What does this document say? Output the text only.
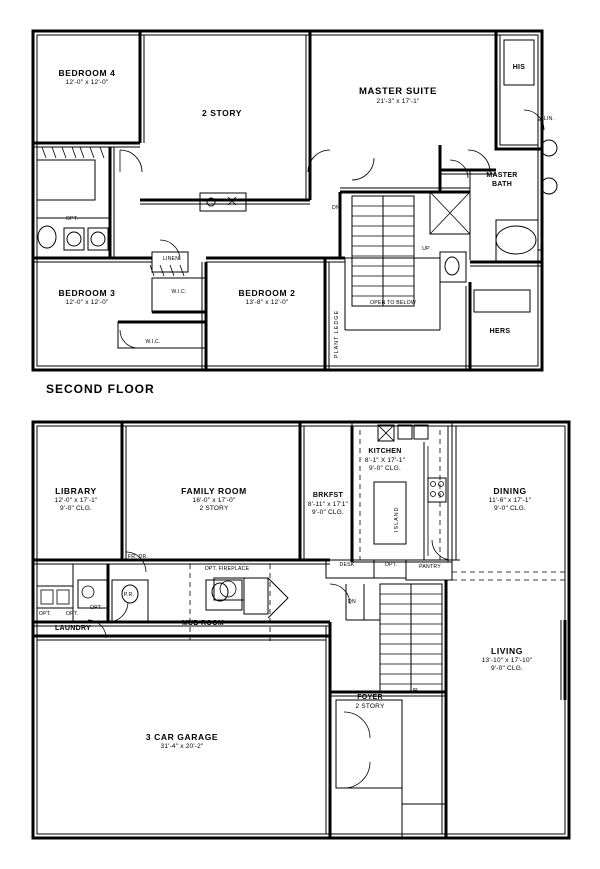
SECOND FLOOR
BEDROOM 4
12'-0" x 12'-0"
2 STORY
MASTER SUITE
21'-3" x 17'-1"
HIS
MASTER
BATH
BEDROOM 3
12'-0" x 12'-0"
BEDROOM 2
13'-8" x 12'-0"
HERS
LINEN
LIN.
W.I.C.
W.I.C.
OPT.
DN
UP
OPEN TO BELOW
PLANT LEDGE
LIBRARY
12'-0" x 17'-1"
9'-0" CLG.
FAMILY ROOM
16'-0" x 17'-0"
2 STORY
BRKFST
8'-11" x 17'1"
9'-0" CLG.
KITCHEN
8'-1" X 17'-1"
9'-0" CLG.
DINING
11'-6" x 17'-1"
9'-0" CLG.
LIVING
13'-10" x 17'-10"
9'-0" CLG.
FOYER
2 STORY
LAUNDRY
MUD ROOM
3 CAR GARAGE
31'-4" x 20'-2"
FR. DR.
OPT. FIREPLACE
P.R.
OPT.	OPT.
OPT.
DESK	OPT.	PANTRY
ISLAND
DN
UP
